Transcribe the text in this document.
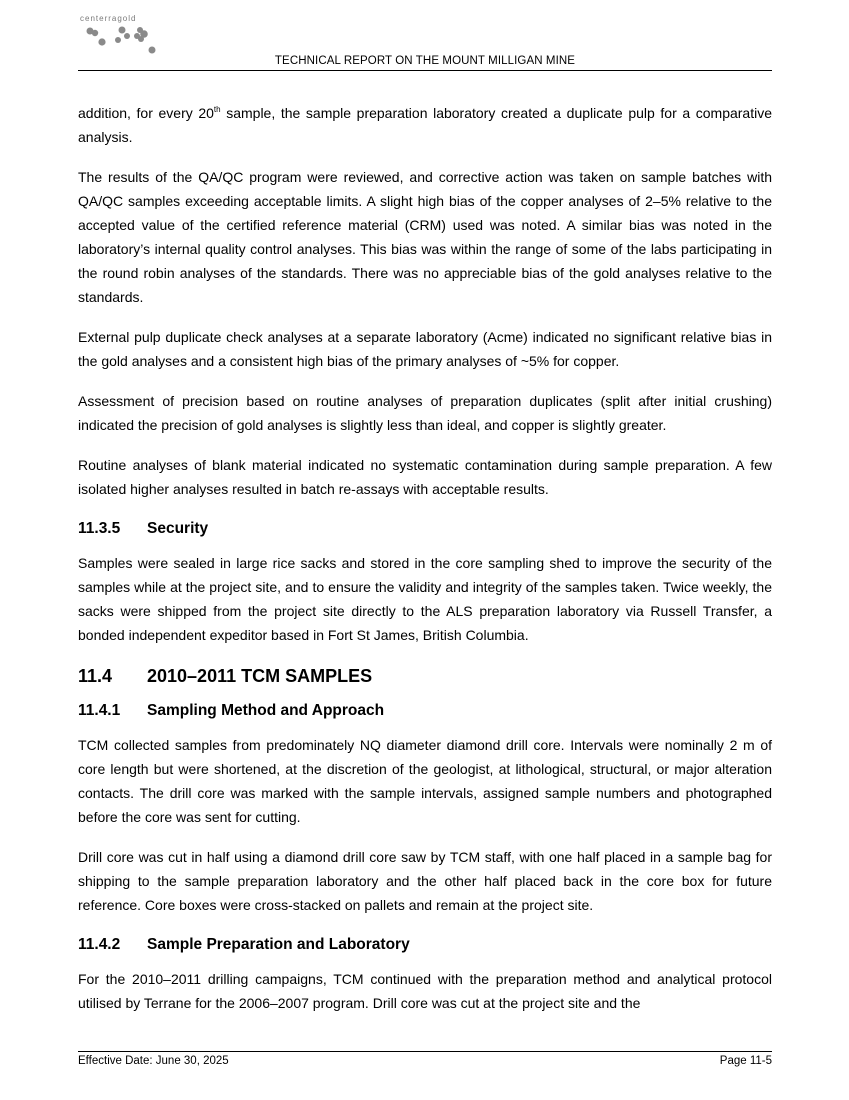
centerragold
TECHNICAL REPORT ON THE MOUNT MILLIGAN MINE

addition, for every 20th sample, the sample preparation laboratory created a duplicate pulp for a comparative analysis.

The results of the QA/QC program were reviewed, and corrective action was taken on sample batches with QA/QC samples exceeding acceptable limits. A slight high bias of the copper analyses of 2–5% relative to the accepted value of the certified reference material (CRM) used was noted. A similar bias was noted in the laboratory’s internal quality control analyses. This bias was within the range of some of the labs participating in the round robin analyses of the standards. There was no appreciable bias of the gold analyses relative to the standards.

External pulp duplicate check analyses at a separate laboratory (Acme) indicated no significant relative bias in the gold analyses and a consistent high bias of the primary analyses of ~5% for copper.

Assessment of precision based on routine analyses of preparation duplicates (split after initial crushing) indicated the precision of gold analyses is slightly less than ideal, and copper is slightly greater.

Routine analyses of blank material indicated no systematic contamination during sample preparation. A few isolated higher analyses resulted in batch re-assays with acceptable results.

11.3.5 Security

Samples were sealed in large rice sacks and stored in the core sampling shed to improve the security of the samples while at the project site, and to ensure the validity and integrity of the samples taken. Twice weekly, the sacks were shipped from the project site directly to the ALS preparation laboratory via Russell Transfer, a bonded independent expeditor based in Fort St James, British Columbia.

11.4 2010–2011 TCM SAMPLES
11.4.1 Sampling Method and Approach

TCM collected samples from predominately NQ diameter diamond drill core. Intervals were nominally 2 m of core length but were shortened, at the discretion of the geologist, at lithological, structural, or major alteration contacts. The drill core was marked with the sample intervals, assigned sample numbers and photographed before the core was sent for cutting.

Drill core was cut in half using a diamond drill core saw by TCM staff, with one half placed in a sample bag for shipping to the sample preparation laboratory and the other half placed back in the core box for future reference. Core boxes were cross-stacked on pallets and remain at the project site.

11.4.2 Sample Preparation and Laboratory

For the 2010–2011 drilling campaigns, TCM continued with the preparation method and analytical protocol utilised by Terrane for the 2006–2007 program. Drill core was cut at the project site and the

Effective Date: June 30, 2025	Page 11-5
